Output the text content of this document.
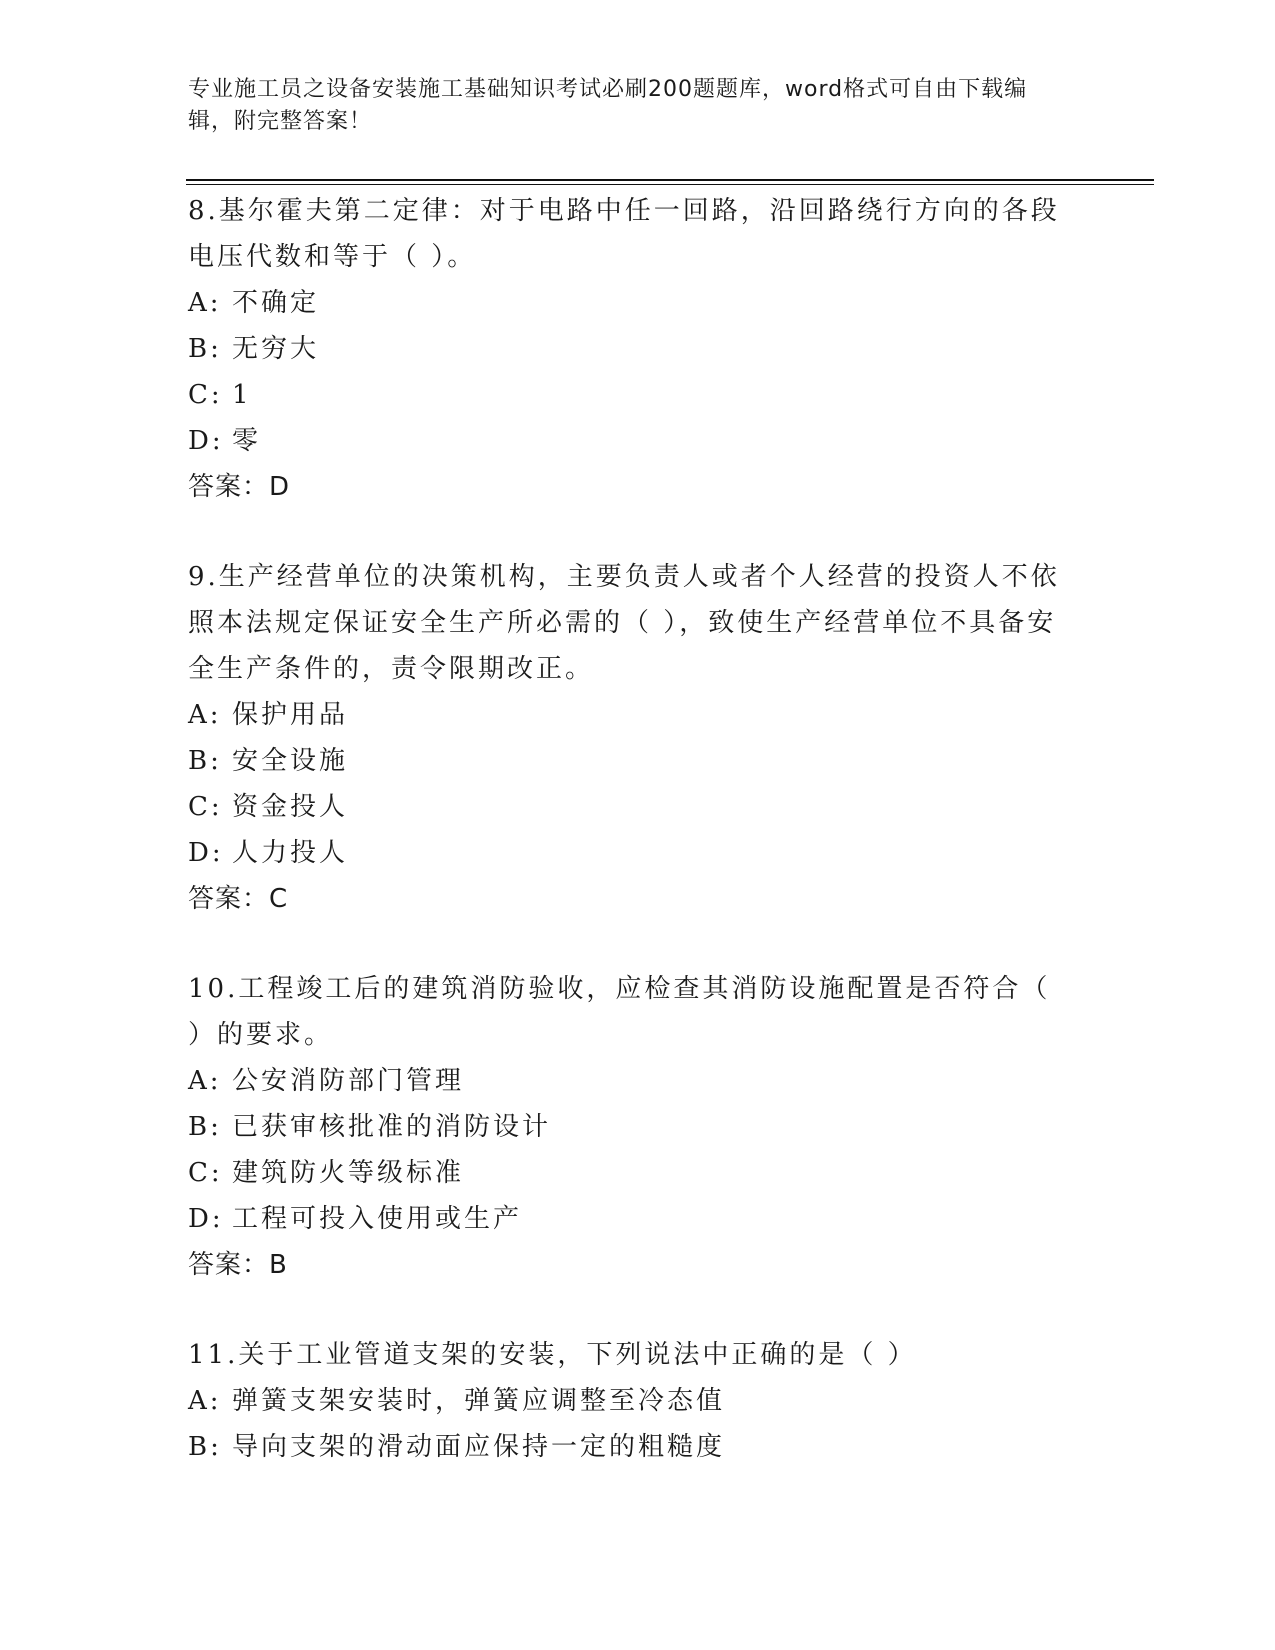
专业施工员之设备安装施工基础知识考试必刷200题题库，word格式可自由下载编辑，附完整答案！

8.基尔霍夫第二定律：对于电路中任一回路，沿回路绕行方向的各段

电压代数和等于（ ）。

A: 不确定

B: 无穷大

C: 1

D: 零

答案：D

9.生产经营单位的决策机构，主要负责人或者个人经营的投资人不依

照本法规定保证安全生产所必需的（ ），致使生产经营单位不具备安

全生产条件的，责令限期改正。

A: 保护用品

B: 安全设施

C: 资金投人

D: 人力投人

答案：C

10.工程竣工后的建筑消防验收，应检查其消防设施配置是否符合（

）的要求。

A: 公安消防部门管理

B: 已获审核批准的消防设计

C: 建筑防火等级标准

D: 工程可投入使用或生产

答案：B

11.关于工业管道支架的安装，下列说法中正确的是（ ）

A: 弹簧支架安装时，弹簧应调整至冷态值

B: 导向支架的滑动面应保持一定的粗糙度
